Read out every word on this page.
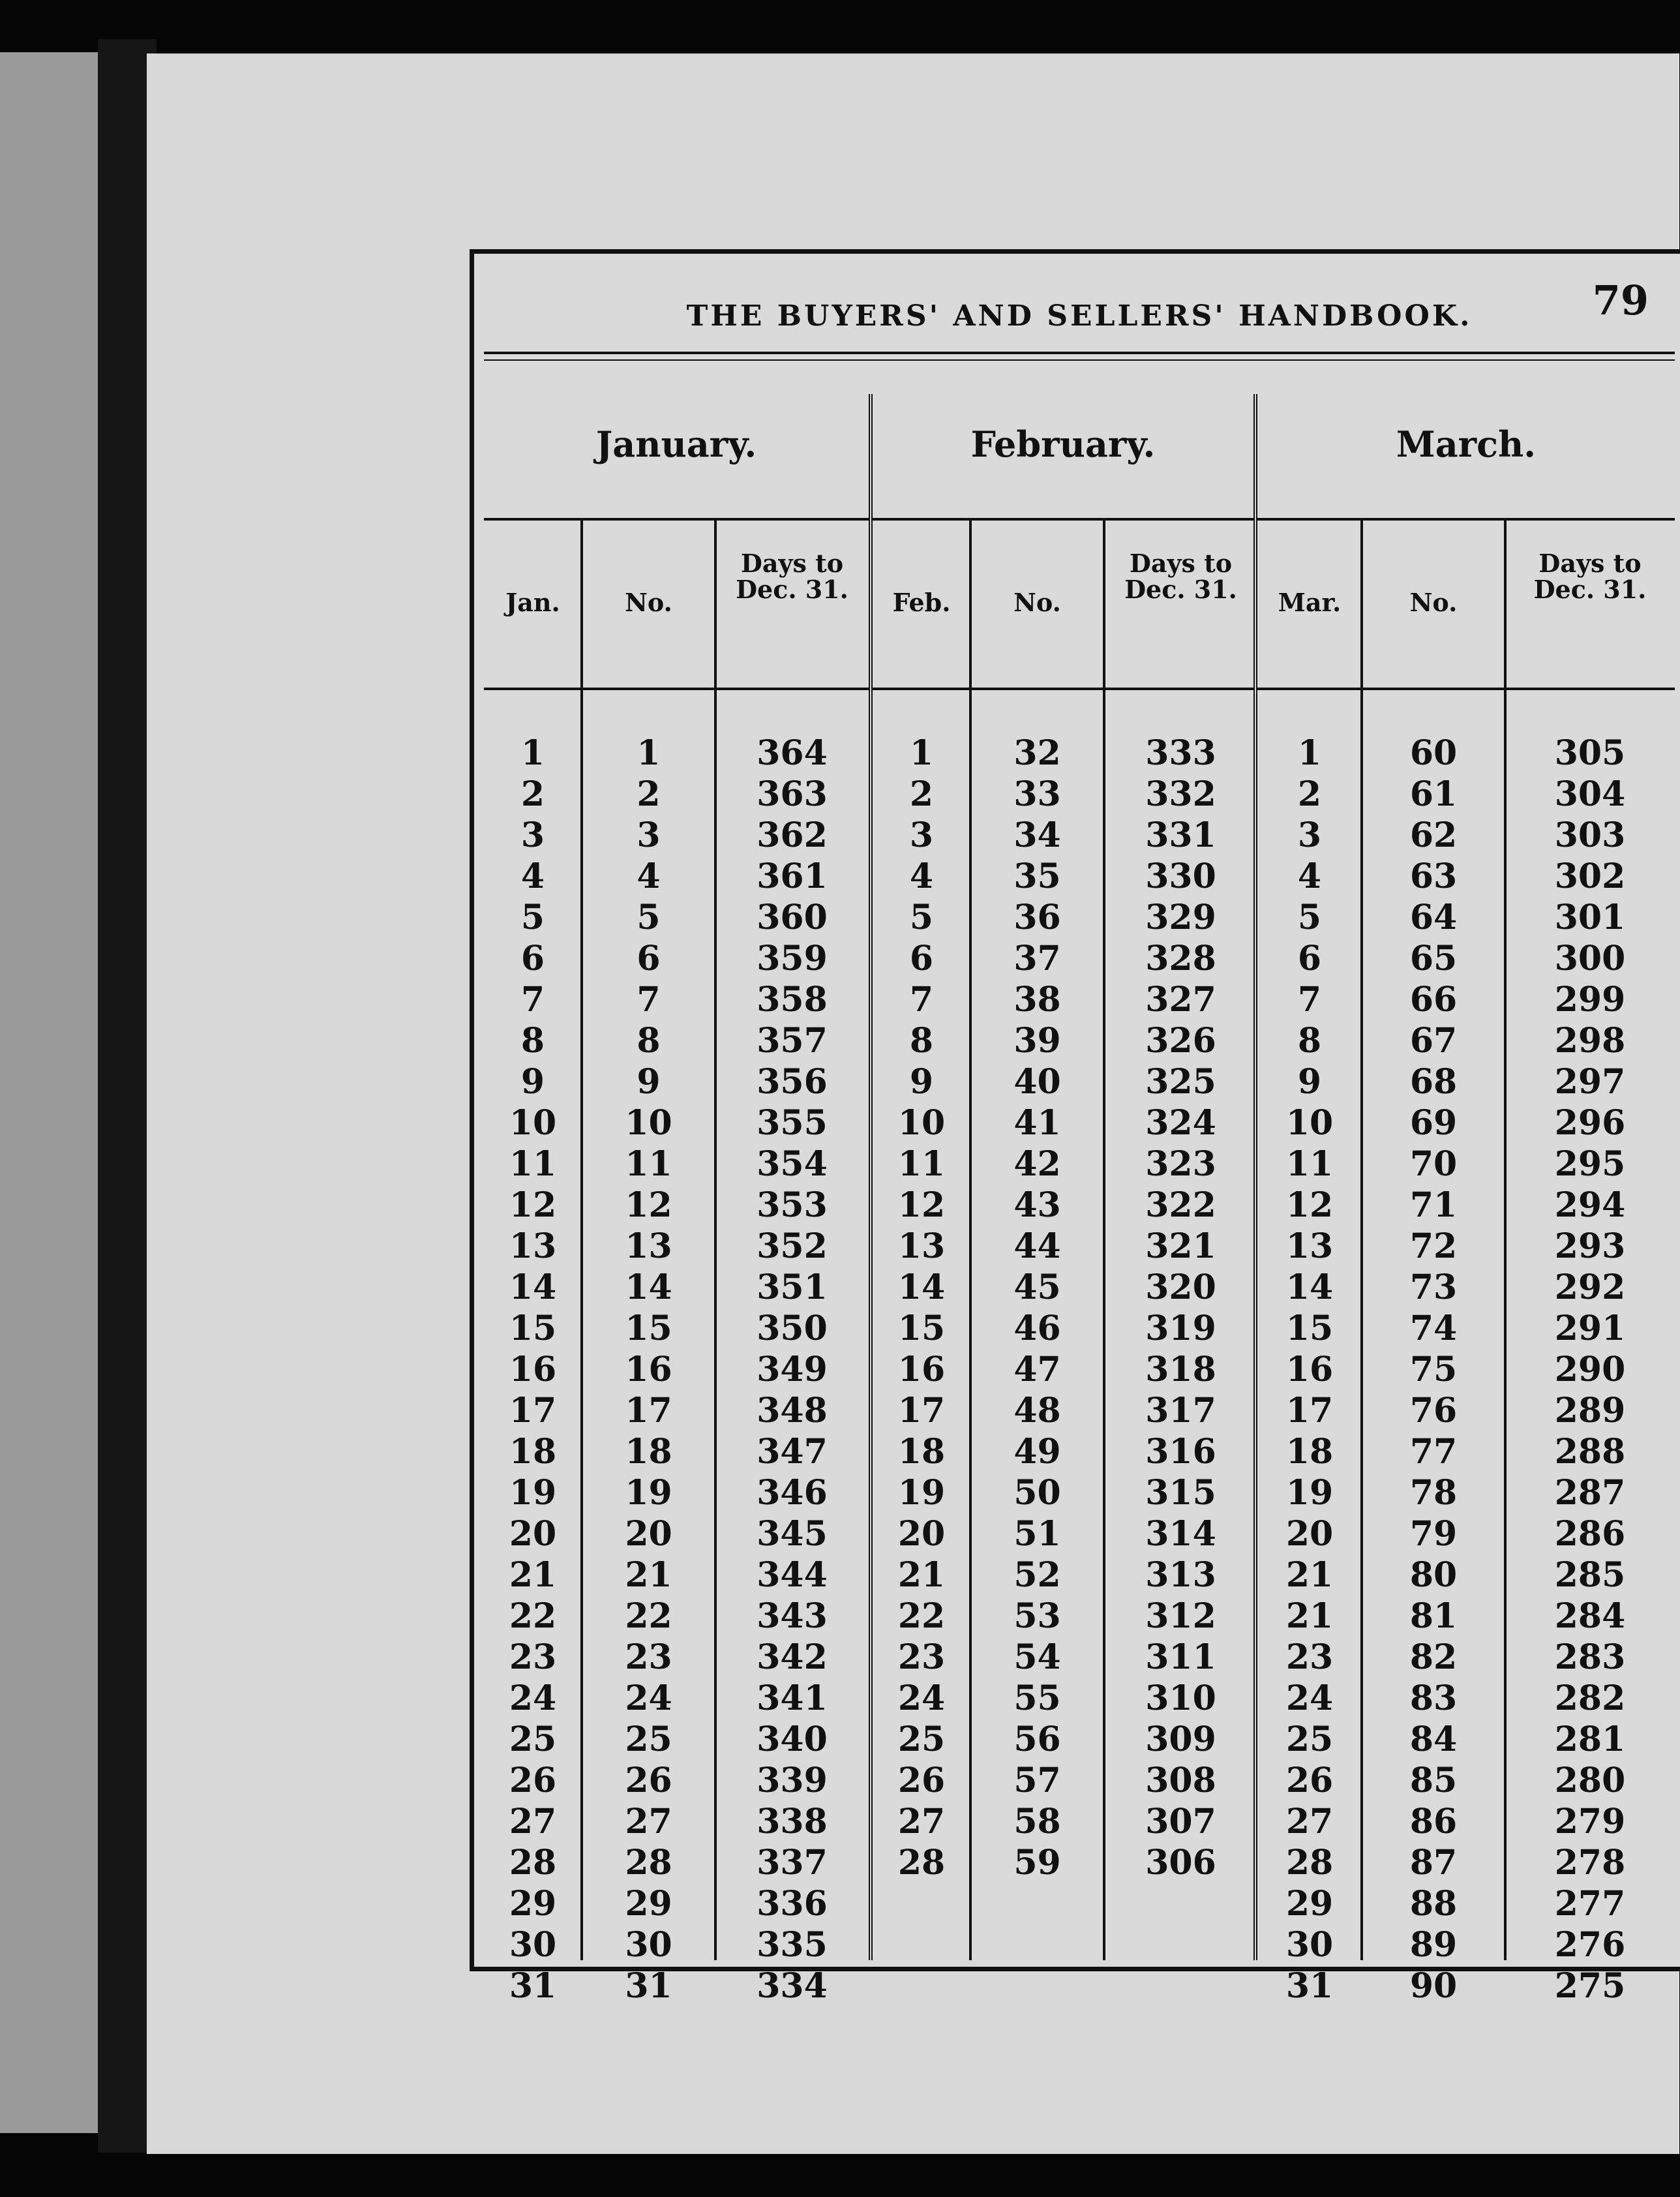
THE BUYERS' AND SELLERS' HANDBOOK.	79
January.
Jan.	No.
Days to Dec. 31.
1	1	364
2	2	363
3	3	362
4	4	361
5	5	360
6	6	359
7	7	358
8	8	357
9	9	356
10	10	355
11	11	354
12	12	353
13	13	352
14	14	351
15	15	350
16	16	349
17	17	348
18	18	347
19	19	346
20	20	345
21	21	344
22	22	343
23	23	342
24	24	341
25	25	340
26	26	339
27	27	338
28	28	337
29	29	336
30	30	335
31	31	334
February.
Feb.	No.
Days to Dec. 31.
1	32	333
2	33	332
3	34	331
4	35	330
5	36	329
6	37	328
7	38	327
8	39	326
9	40	325
10	41	324
11	42	323
12	43	322
13	44	321
14	45	320
15	46	319
16	47	318
17	48	317
18	49	316
19	50	315
20	51	314
21	52	313
22	53	312
23	54	311
24	55	310
25	56	309
26	57	308
27	58	307
28	59	306
March.
Mar.	No.
Days to Dec. 31.
1	60	305
2	61	304
3	62	303
4	63	302
5	64	301
6	65	300
7	66	299
8	67	298
9	68	297
10	69	296
11	70	295
12	71	294
13	72	293
14	73	292
15	74	291
16	75	290
17	76	289
18	77	288
19	78	287
20	79	286
21	80	285
21	81	284
23	82	283
24	83	282
25	84	281
26	85	280
27	86	279
28	87	278
29	88	277
30	89	276
31	90	275
